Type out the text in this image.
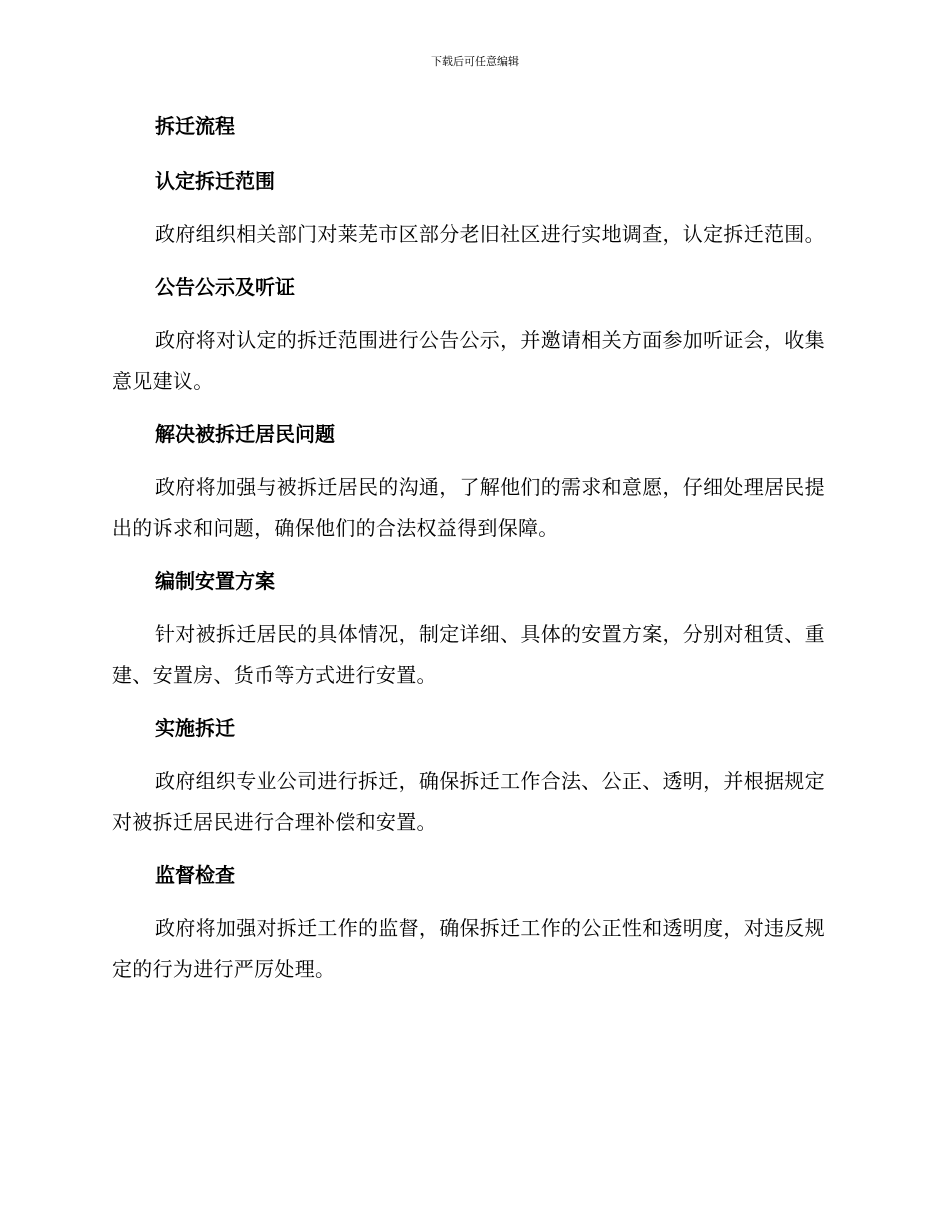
下载后可任意编辑
拆迁流程
认定拆迁范围

政府组织相关部门对莱芜市区部分老旧社区进行实地调查，认定拆迁范围。

公告公示及听证

政府将对认定的拆迁范围进行公告公示，并邀请相关方面参加听证会，收集意见建议。

解决被拆迁居民问题

政府将加强与被拆迁居民的沟通，了解他们的需求和意愿，仔细处理居民提出的诉求和问题，确保他们的合法权益得到保障。

编制安置方案

针对被拆迁居民的具体情况，制定详细、具体的安置方案，分别对租赁、重建、安置房、货币等方式进行安置。

实施拆迁

政府组织专业公司进行拆迁，确保拆迁工作合法、公正、透明，并根据规定对被拆迁居民进行合理补偿和安置。

监督检查

政府将加强对拆迁工作的监督，确保拆迁工作的公正性和透明度，对违反规定的行为进行严厉处理。
